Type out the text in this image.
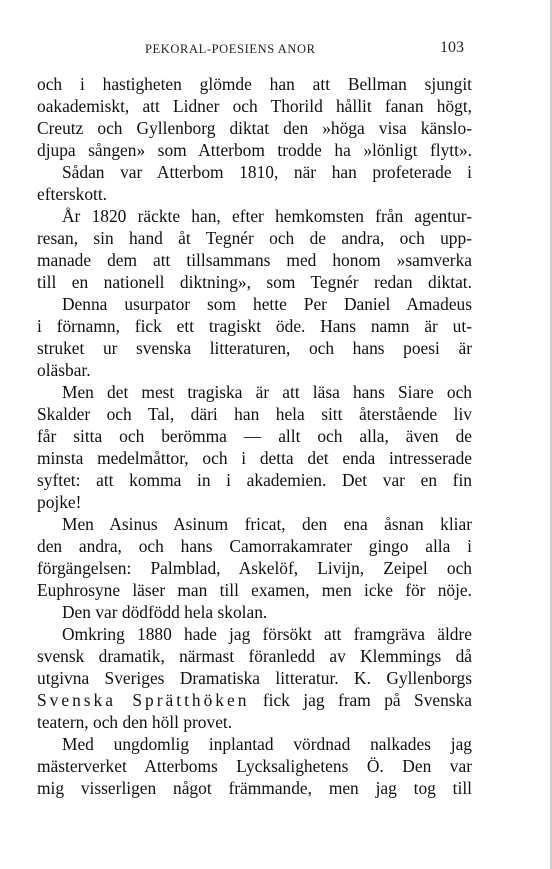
PEKORAL-POESIENS ANOR	103
och i hastigheten glömde han att Bellman sjungit
oakademiskt, att Lidner och Thorild hållit fanan högt,
Creutz och Gyllenborg diktat den »höga visa känslo-
djupa sången» som Atterbom trodde ha »lönligt flytt».
Sådan var Atterbom 1810, när han profeterade i
efterskott.
År 1820 räckte han, efter hemkomsten från agentur-
resan, sin hand åt Tegnér och de andra, och upp-
manade dem att tillsammans med honom »samverka
till en nationell diktning», som Tegnér redan diktat.
Denna usurpator som hette Per Daniel Amadeus
i förnamn, fick ett tragiskt öde. Hans namn är ut-
struket ur svenska litteraturen, och hans poesi är
oläsbar.
Men det mest tragiska är att läsa hans Siare och
Skalder och Tal, däri han hela sitt återstående liv
får sitta och berömma — allt och alla, även de
minsta medelmåttor, och i detta det enda intresserade
syftet: att komma in i akademien. Det var en fin
pojke!
Men Asinus Asinum fricat, den ena åsnan kliar
den andra, och hans Camorrakamrater gingo alla i
förgängelsen: Palmblad, Askelöf, Livijn, Zeipel och
Euphrosyne läser man till examen, men icke för nöje.
Den var dödfödd hela skolan.
Omkring 1880 hade jag försökt att framgräva äldre
svensk dramatik, närmast föranledd av Klemmings då
utgivna Sveriges Dramatiska litteratur. K. Gyllenborgs
Svenska Sprätthöken fick jag fram på Svenska
teatern, och den höll provet.
Med ungdomlig inplantad vördnad nalkades jag
mästerverket Atterboms Lycksalighetens Ö. Den var
mig visserligen något främmande, men jag tog till
